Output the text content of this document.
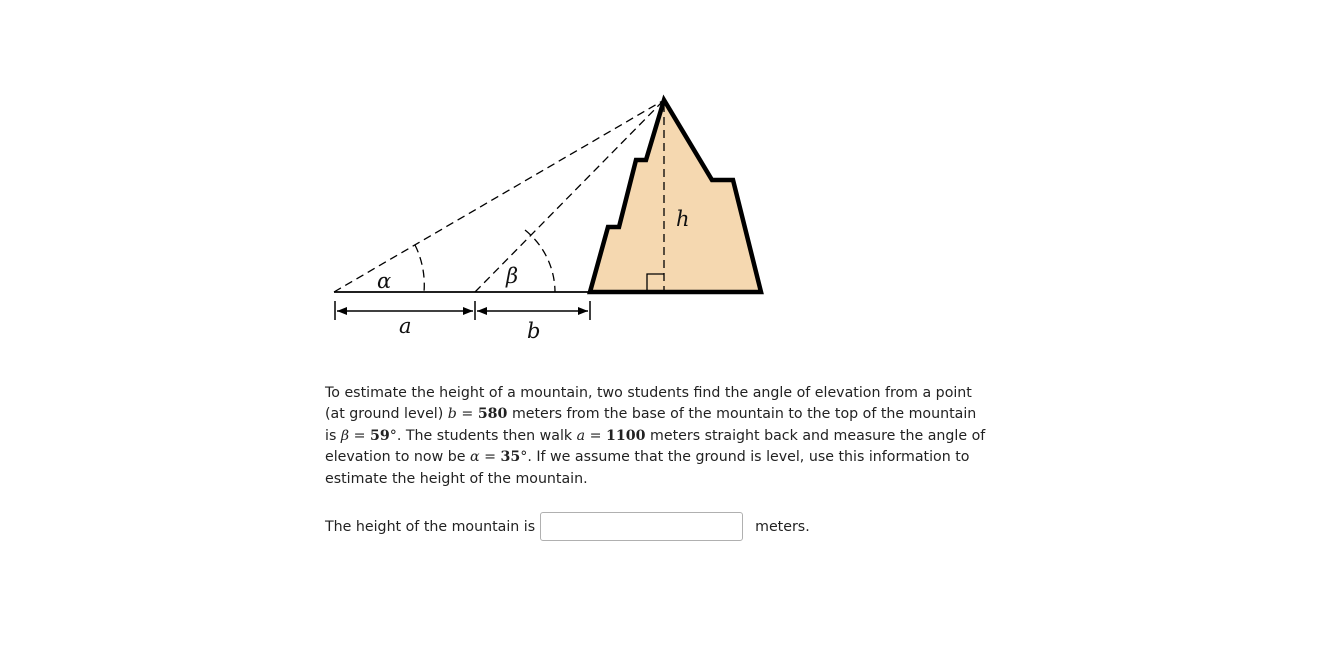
α	β
h
a	b

To estimate the height of a mountain, two students find the angle of elevation from a point (at ground level) b = 580 meters from the base of the mountain to the top of the mountain is β = 59°. The students then walk a = 1100 meters straight back and measure the angle of elevation to now be α = 35°. If we assume that the ground is level, use this information to estimate the height of the mountain.

The height of the mountain is	meters.
